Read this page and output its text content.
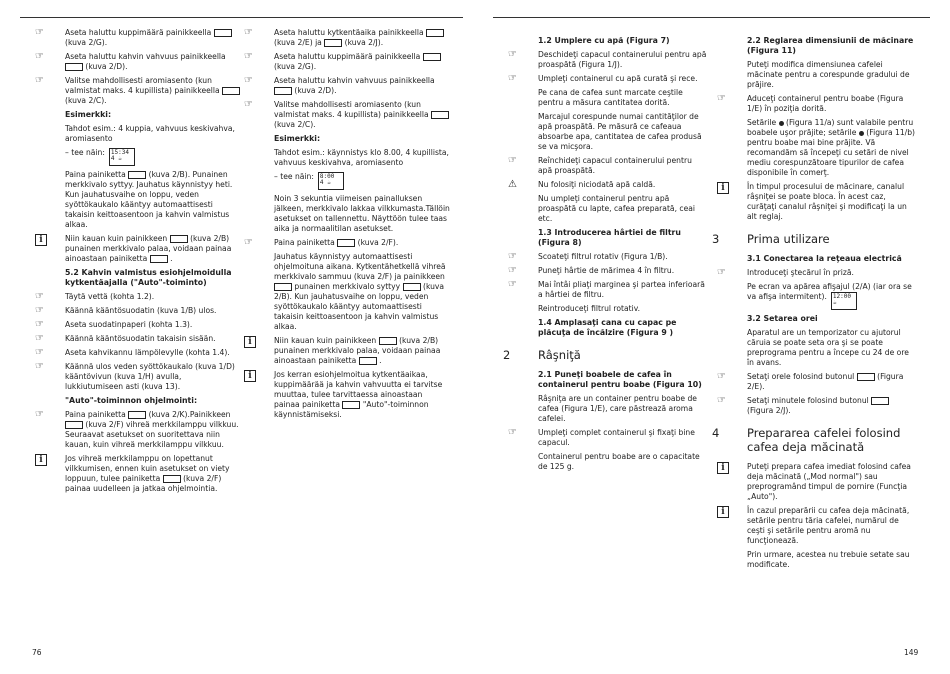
☞	Aseta haluttu kuppimäärä painikkeella  (kuva 2/G).
☞	Aseta haluttu kahvin vahvuus painikkeella  (kuva 2/D).
☞	Valitse mahdollisesti aromiasento (kun valmistat maks. 4 kupillista) painikkeella  (kuva 2/C).
Esimerkki:
Tahdot esim.: 4 kuppia, vahvuus keskivahva, aromiasento
– tee näin: 15:34
4 ☕
Paina painiketta  (kuva 2/B). Punainen merkkivalo syttyy. Jauhatus käynnistyy heti. Kun jauhatusvaihe on loppu, veden syöttökaukalo kääntyy automaattisesti takaisin keittoasentoon ja kahvin valmistus alkaa.
i	Niin kauan kuin painikkeen  (kuva 2/B) punainen merkkivalo palaa, voidaan painaa ainoastaan painiketta  .
5.2 Kahvin valmistus esiohjelmoidulla kytkentäajalla ("Auto"-toiminto)
☞	Täytä vettä (kohta 1.2).
☞	Käännä kääntösuodatin (kuva 1/B) ulos.
☞	Aseta suodatinpaperi (kohta 1.3).
☞	Käännä kääntösuodatin takaisin sisään.
☞	Aseta kahvikannu lämpölevylle (kohta 1.4).
☞	Käännä ulos veden syöttökaukalo (kuva 1/D) kääntövivun (kuva 1/H) avulla, lukkiutumiseen asti (kuva 13).
"Auto"-toiminnon ohjelmointi:
☞	Paina painiketta  (kuva 2/K).Painikkeen  (kuva 2/F) vihreä merkkilamppu vilkkuu. Seuraavat asetukset on suoritettava niin kauan, kuin vihreä merkkilamppu vilkkuu.
i	Jos vihreä merkkilamppu on lopettanut vilkkumisen, ennen kuin asetukset on viety loppuun, tulee painiketta  (kuva 2/F) painaa uudelleen ja jatkaa ohjelmointia.
☞	Aseta haluttu kytkentäaika painikkeella  (kuva 2/E) ja  (kuva 2/J).
☞	Aseta haluttu kuppimäärä painikkeella  (kuva 2/G).
☞	Aseta haluttu kahvin vahvuus painikkeella  (kuva 2/D).
☞	Valitse mahdollisesti aromiasento (kun valmistat maks. 4 kupillista) painikkeella  (kuva 2/C).
Esimerkki:
Tahdot esim.: käynnistys klo 8.00, 4 kupillista, vahvuus keskivahva, aromiasento
– tee näin: 8:00
4 ☕
Noin 3 sekuntia viimeisen painalluksen jälkeen, merkkivalo lakkaa vilkkumasta.Tällöin asetukset on tallennettu. Näyttöön tulee taas aika ja normaalitilan asetukset.
☞	Paina painiketta  (kuva 2/F).
Jauhatus käynnistyy automaattisesti ohjelmoituna aikana. Kytkentähetkellä vihreä merkkivalo sammuu (kuva 2/F) ja painikkeen  punainen merkkivalo syttyy  (kuva 2/B). Kun jauhatusvaihe on loppu, veden syöttökaukalo kääntyy automaattisesti takaisin keittoasentoon ja kahvin valmistus alkaa.
i	Niin kauan kuin painikkeen  (kuva 2/B) punainen merkkivalo palaa, voidaan painaa ainoastaan painiketta  .
i	Jos kerran esiohjelmoitua kytkentäaikaa, kuppimäärää ja kahvin vahvuutta ei tarvitse muuttaa, tulee tarvittaessa ainoastaan painaa painiketta  "Auto"-toiminnon käynnistämiseksi.
1.2 Umplere cu apă (Figura 7)
☞	Deschideţi capacul containerului pentru apă proaspătă (Figura 1/J).
☞	Umpleţi containerul cu apă curată şi rece.
Pe cana de cafea sunt marcate ceştile pentru a măsura cantitatea dorită.
Marcajul corespunde numai cantităţilor de apă proaspătă. Pe măsură ce cafeaua absoarbe apa, cantitatea de cafea produsă se va micşora.
☞	Reînchideţi capacul containerului pentru apă proaspătă.
⚠	Nu folosiţi niciodată apă caldă.
Nu umpleţi containerul pentru apă proaspătă cu lapte, cafea preparată, ceai etc.
1.3 Introducerea hârtiei de filtru (Figura 8)
☞	Scoateţi filtrul rotativ (Figura 1/B).
☞	Puneţi hârtie de mărimea 4 în filtru.
☞	Mai întâi pliaţi marginea şi partea inferioară a hârtiei de filtru.
Reintroduceţi filtrul rotativ.
1.4 Amplasaţi cana cu capac pe plăcuţa de încălzire (Figura 9 )
2 Râşniţă
2.1 Puneţi boabele de cafea în containerul pentru boabe (Figura 10)
Râşniţa are un container pentru boabe de cafea (Figura 1/E), care păstrează aroma cafelei.
☞	Umpleţi complet containerul şi fixaţi bine capacul.
Containerul pentru boabe are o capacitate de 125 g.
2.2 Reglarea dimensiunii de măcinare (Figura 11)
Puteţi modifica dimensiunea cafelei măcinate pentru a corespunde gradului de prăjire.
☞	Aduceţi containerul pentru boabe (Figura 1/E) în poziţia dorită.
Setările  (Figura 11/a) sunt valabile pentru boabele uşor prăjite; setările  (Figura 11/b) pentru boabe mai bine prăjite. Vă recomandăm să începeţi cu setări de nivel mediu corespunzătoare tipurilor de cafea disponibile în comerţ.
i	În timpul procesului de măcinare, canalul râşniţei se poate bloca. În acest caz, curăţaţi canalul râşniţei şi modificaţi la un alt reglaj.
3 Prima utilizare
3.1 Conectarea la reţeaua electrică
☞	Introduceţi ştecărul în priză.
Pe ecran va apărea afişajul (2/A) (iar ora se va afişa intermitent). 12:00
☕
3.2 Setarea orei
Aparatul are un temporizator cu ajutorul căruia se poate seta ora şi se poate preprograma pentru a începe cu 24 de ore în avans.
☞	Setaţi orele folosind butonul  (Figura 2/E).
☞	Setaţi minutele folosind butonul  (Figura 2/J).
4 Prepararea cafelei folosind cafea deja măcinată
i	Puteţi prepara cafea imediat folosind cafea deja măcinată („Mod normal") sau preprogramând timpul de pornire (Funcţia „Auto").
i	În cazul preparării cu cafea deja măcinată, setările pentru tăria cafelei, numărul de ceşti şi setările pentru aromă nu funcţionează.
Prin urmare, acestea nu trebuie setate sau modificate.
76	149
